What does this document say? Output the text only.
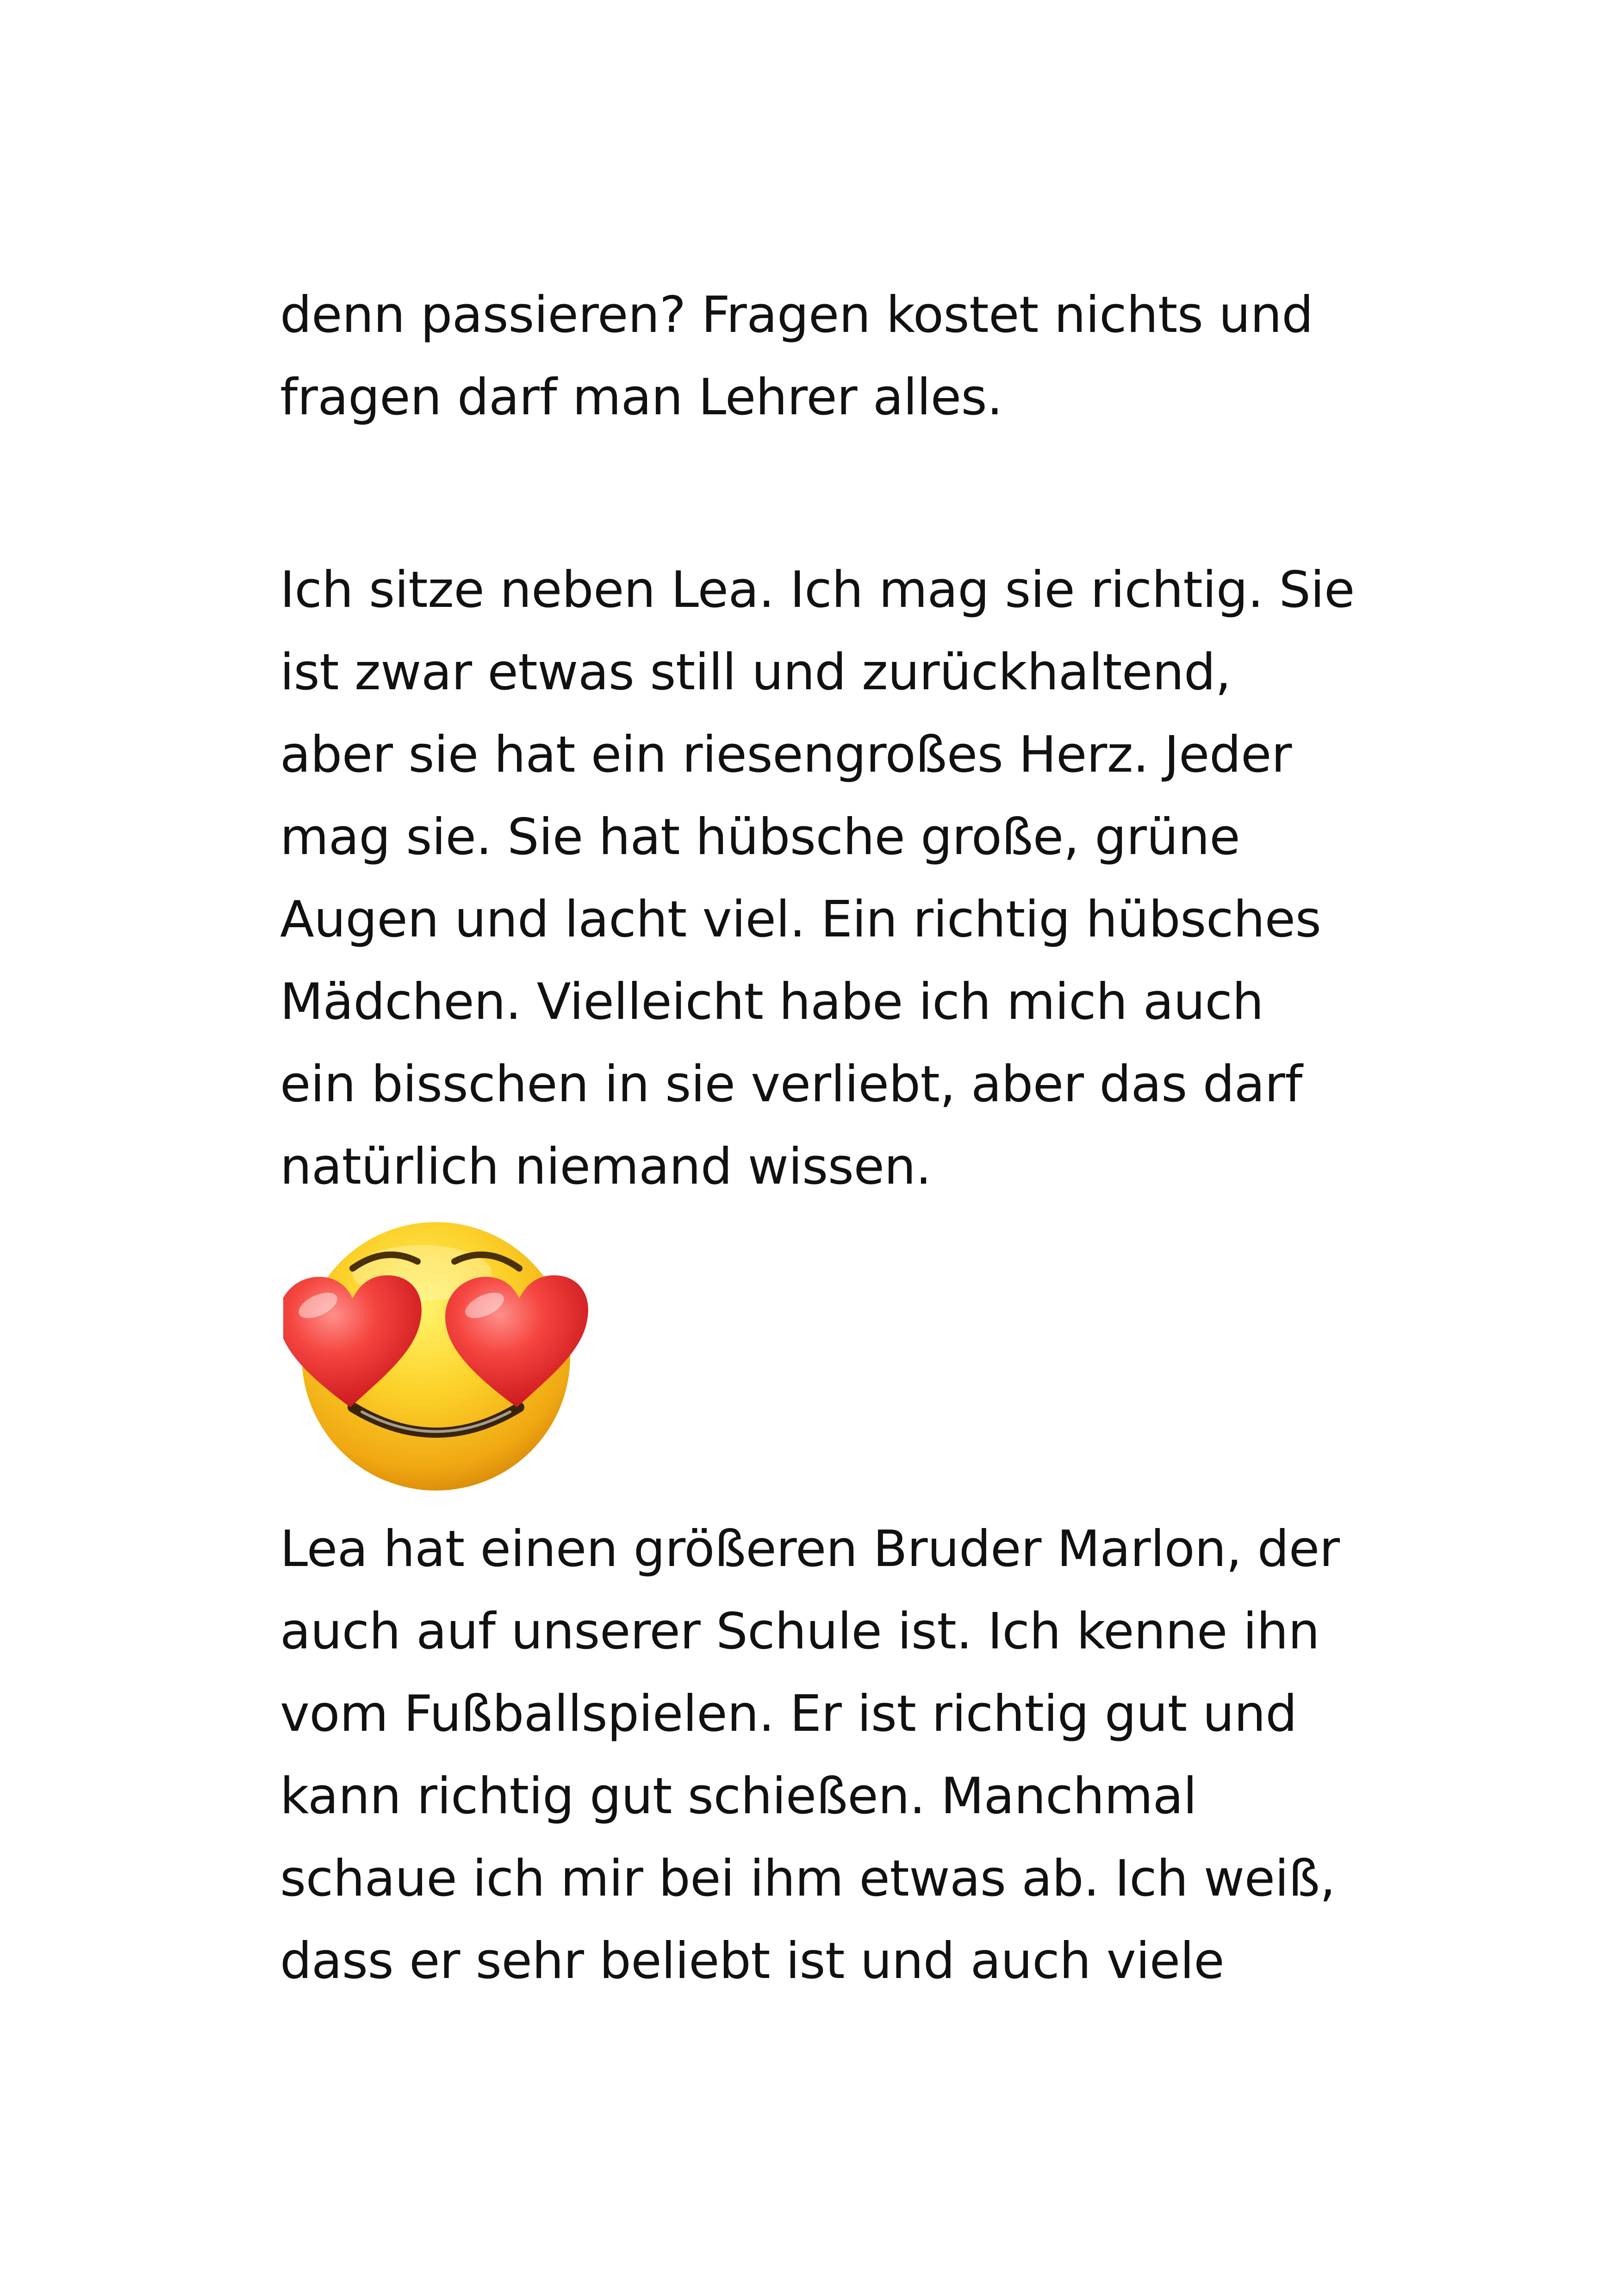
denn passieren? Fragen kostet nichts und
fragen darf man Lehrer alles.
Ich sitze neben Lea. Ich mag sie richtig. Sie
ist zwar etwas still und zurückhaltend,
aber sie hat ein riesengroßes Herz. Jeder
mag sie. Sie hat hübsche große, grüne
Augen und lacht viel. Ein richtig hübsches
Mädchen. Vielleicht habe ich mich auch
ein bisschen in sie verliebt, aber das darf
natürlich niemand wissen.
Lea hat einen größeren Bruder Marlon, der
auch auf unserer Schule ist. Ich kenne ihn
vom Fußballspielen. Er ist richtig gut und
kann richtig gut schießen. Manchmal
schaue ich mir bei ihm etwas ab. Ich weiß,
dass er sehr beliebt ist und auch viele
